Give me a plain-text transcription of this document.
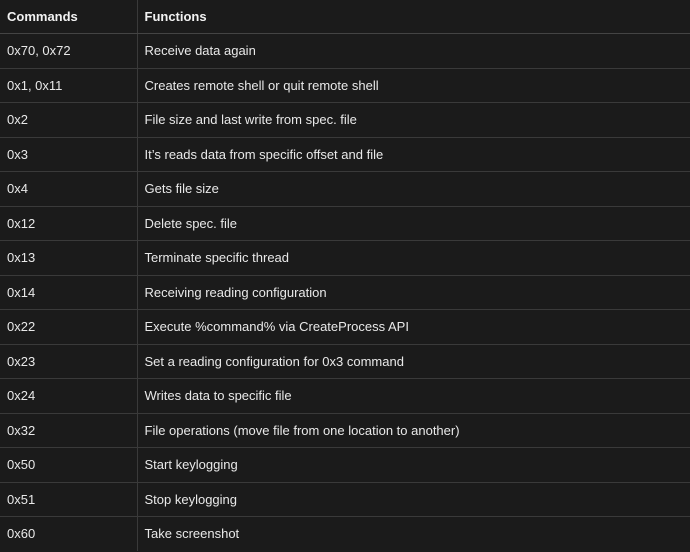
Commands	Functions
0x70, 0x72	Receive data again
0x1, 0x11	Creates remote shell or quit remote shell
0x2	File size and last write from spec. file
0x3	It’s reads data from specific offset and file
0x4	Gets file size
0x12	Delete spec. file
0x13	Terminate specific thread
0x14	Receiving reading configuration
0x22	Execute %command% via CreateProcess API
0x23	Set a reading configuration for 0x3 command
0x24	Writes data to specific file
0x32	File operations (move file from one location to another)
0x50	Start keylogging
0x51	Stop keylogging
0x60	Take screenshot
